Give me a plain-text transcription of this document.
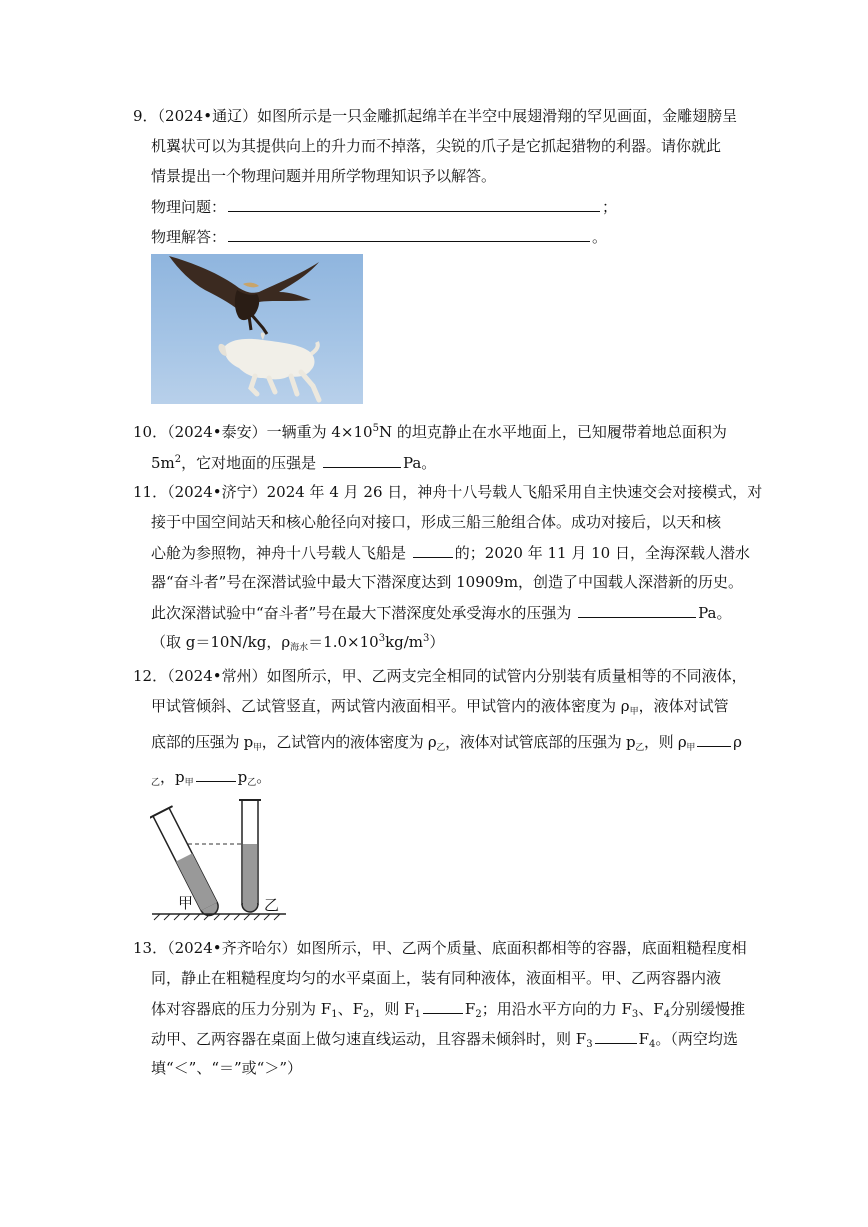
9．（2024•通辽）如图所示是一只金雕抓起绵羊在半空中展翅滑翔的罕见画面，金雕翅膀呈
机翼状可以为其提供向上的升力而不掉落，尖锐的爪子是它抓起猎物的利器。请你就此
情景提出一个物理问题并用所学物理知识予以解答。
物理问题：	；
物理解答：	。
10．（2024•泰安）一辆重为 $4\times 10^5N$ 的坦克静止在水平地面上，已知履带着地总面积为
$5m^2$，它对地面的压强是	Pa。
11．（2024•济宁）2024 年 4 月 26 日，神舟十八号载人飞船采用自主快速交会对接模式，对
接于中国空间站天和核心舱径向对接口，形成三船三舱组合体。成功对接后，以天和核
心舱为参照物，神舟十八号载人飞船是	的；2020 年 11 月 10 日，全海深载人潜水
器“奋斗者”号在深潜试验中最大下潜深度达到 10909m，创造了中国载人深潜新的历史。
此次深潜试验中“奋斗者”号在最大下潜深度处承受海水的压强为	Pa。
（取 g＝10N/kg，$\rho_{海水}=1.0\times 10^3kg/m^3$）
12．（2024•常州）如图所示，甲、乙两支完全相同的试管内分别装有质量相等的不同液体，
甲试管倾斜、乙试管竖直，两试管内液面相平。甲试管内的液体密度为 $\rho_甲$，液体对试管
底部的压强为 $p_甲$，乙试管内的液体密度为 $\rho_乙$，液体对试管底部的压强为 $p_乙$，则 $\rho_甲$	ρ
$_乙$，$p_甲$	$p_乙$。
甲	乙
13．（2024•齐齐哈尔）如图所示，甲、乙两个质量、底面积都相等的容器，底面粗糙程度相
同，静止在粗糙程度均匀的水平桌面上，装有同种液体，液面相平。甲、乙两容器内液
体对容器底的压力分别为 $F_1$、$F_2$，则 $F_1$	$F_2$；用沿水平方向的力 $F_3$、$F_4$分别缓慢推
动甲、乙两容器在桌面上做匀速直线运动，且容器未倾斜时，则 $F_3$	$F_4$。（两空均选
填“＜”、“＝”或“＞”）
